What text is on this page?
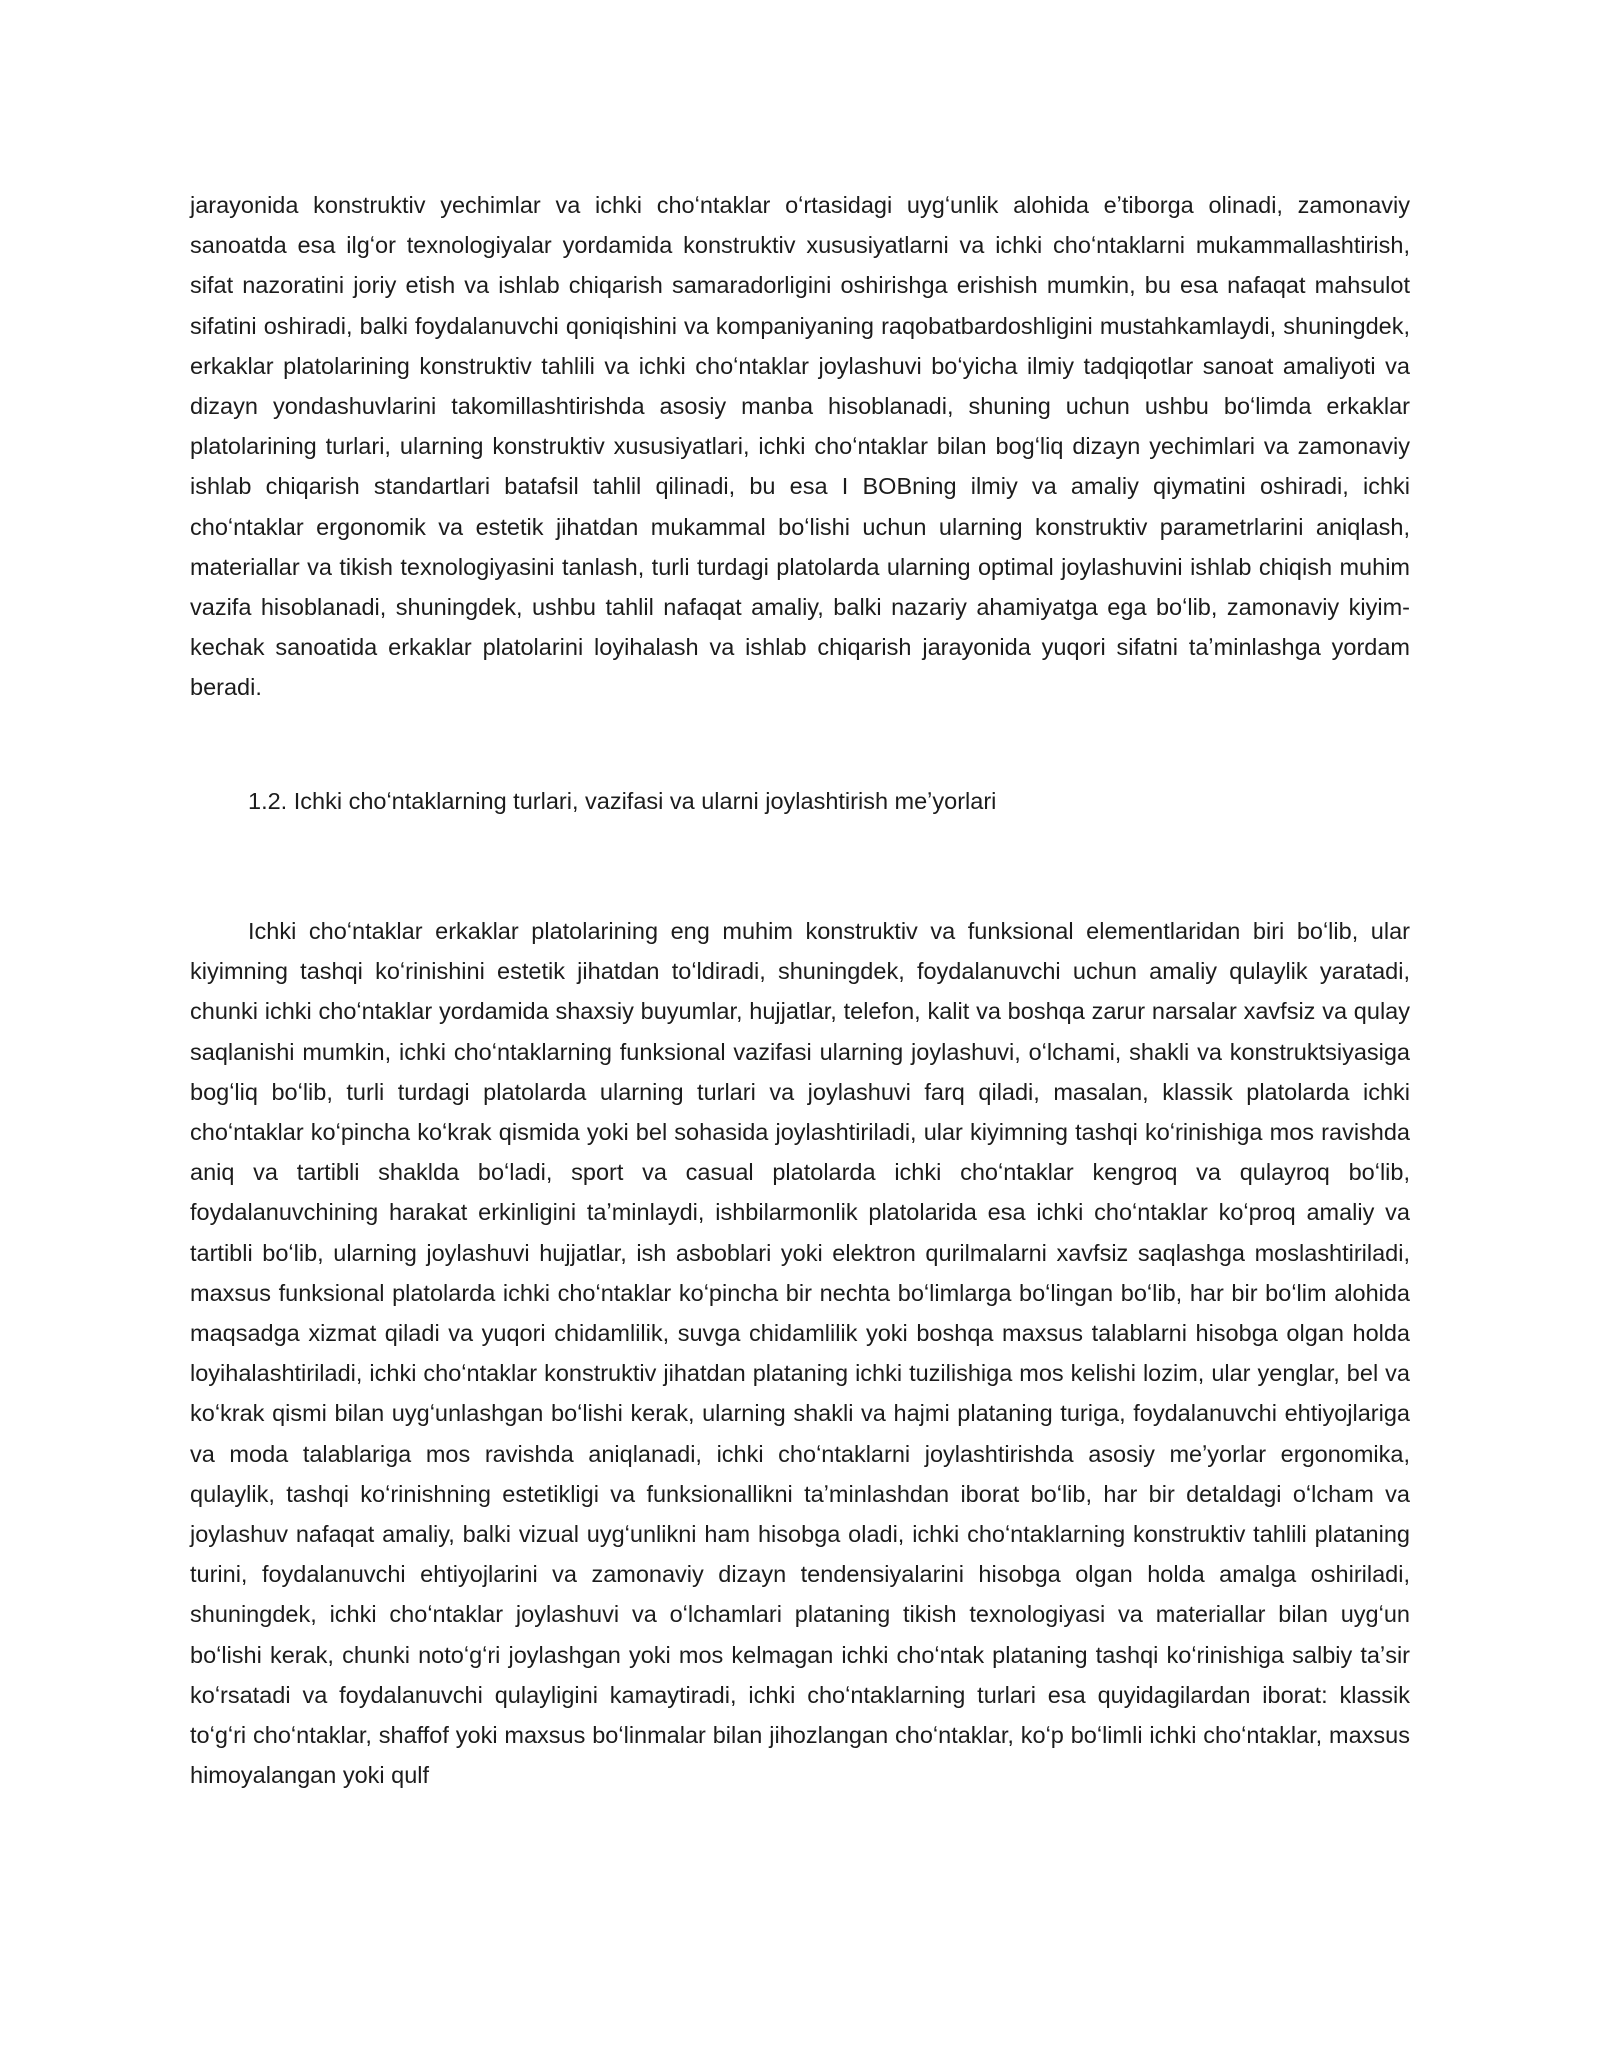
jarayonida konstruktiv yechimlar va ichki choʻntaklar oʻrtasidagi uygʻunlik alohida eʼtiborga olinadi, zamonaviy sanoatda esa ilgʻor texnologiyalar yordamida konstruktiv xususiyatlarni va ichki choʻntaklarni mukammallashtirish, sifat nazoratini joriy etish va ishlab chiqarish samaradorligini oshirishga erishish mumkin, bu esa nafaqat mahsulot sifatini oshiradi, balki foydalanuvchi qoniqishini va kompaniyaning raqobatbardoshligini mustahkamlaydi, shuningdek, erkaklar platolarining konstruktiv tahlili va ichki choʻntaklar joylashuvi boʻyicha ilmiy tadqiqotlar sanoat amaliyoti va dizayn yondashuvlarini takomillashtirishda asosiy manba hisoblanadi, shuning uchun ushbu boʻlimda erkaklar platolarining turlari, ularning konstruktiv xususiyatlari, ichki choʻntaklar bilan bogʻliq dizayn yechimlari va zamonaviy ishlab chiqarish standartlari batafsil tahlil qilinadi, bu esa I BOBning ilmiy va amaliy qiymatini oshiradi, ichki choʻntaklar ergonomik va estetik jihatdan mukammal boʻlishi uchun ularning konstruktiv parametrlarini aniqlash, materiallar va tikish texnologiyasini tanlash, turli turdagi platolarda ularning optimal joylashuvini ishlab chiqish muhim vazifa hisoblanadi, shuningdek, ushbu tahlil nafaqat amaliy, balki nazariy ahamiyatga ega boʻlib, zamonaviy kiyim-kechak sanoatida erkaklar platolarini loyihalash va ishlab chiqarish jarayonida yuqori sifatni taʼminlashga yordam beradi.

1.2. Ichki choʻntaklarning turlari, vazifasi va ularni joylashtirish meʼyorlari

Ichki choʻntaklar erkaklar platolarining eng muhim konstruktiv va funksional elementlaridan biri boʻlib, ular kiyimning tashqi koʻrinishini estetik jihatdan toʻldiradi, shuningdek, foydalanuvchi uchun amaliy qulaylik yaratadi, chunki ichki choʻntaklar yordamida shaxsiy buyumlar, hujjatlar, telefon, kalit va boshqa zarur narsalar xavfsiz va qulay saqlanishi mumkin, ichki choʻntaklarning funksional vazifasi ularning joylashuvi, oʻlchami, shakli va konstruktsiyasiga bogʻliq boʻlib, turli turdagi platolarda ularning turlari va joylashuvi farq qiladi, masalan, klassik platolarda ichki choʻntaklar koʻpincha koʻkrak qismida yoki bel sohasida joylashtiriladi, ular kiyimning tashqi koʻrinishiga mos ravishda aniq va tartibli shaklda boʻladi, sport va casual platolarda ichki choʻntaklar kengroq va qulayroq boʻlib, foydalanuvchining harakat erkinligini taʼminlaydi, ishbilarmonlik platolarida esa ichki choʻntaklar koʻproq amaliy va tartibli boʻlib, ularning joylashuvi hujjatlar, ish asboblari yoki elektron qurilmalarni xavfsiz saqlashga moslashtiriladi, maxsus funksional platolarda ichki choʻntaklar koʻpincha bir nechta boʻlimlarga boʻlingan boʻlib, har bir boʻlim alohida maqsadga xizmat qiladi va yuqori chidamlilik, suvga chidamlilik yoki boshqa maxsus talablarni hisobga olgan holda loyihalashtiriladi, ichki choʻntaklar konstruktiv jihatdan plataning ichki tuzilishiga mos kelishi lozim, ular yenglar, bel va koʻkrak qismi bilan uygʻunlashgan boʻlishi kerak, ularning shakli va hajmi plataning turiga, foydalanuvchi ehtiyojlariga va moda talablariga mos ravishda aniqlanadi, ichki choʻntaklarni joylashtirishda asosiy meʼyorlar ergonomika, qulaylik, tashqi koʻrinishning estetikligi va funksionallikni taʼminlashdan iborat boʻlib, har bir detaldagi oʻlcham va joylashuv nafaqat amaliy, balki vizual uygʻunlikni ham hisobga oladi, ichki choʻntaklarning konstruktiv tahlili plataning turini, foydalanuvchi ehtiyojlarini va zamonaviy dizayn tendensiyalarini hisobga olgan holda amalga oshiriladi, shuningdek, ichki choʻntaklar joylashuvi va oʻlchamlari plataning tikish texnologiyasi va materiallar bilan uygʻun boʻlishi kerak, chunki notoʻgʻri joylashgan yoki mos kelmagan ichki choʻntak plataning tashqi koʻrinishiga salbiy taʼsir koʻrsatadi va foydalanuvchi qulayligini kamaytiradi, ichki choʻntaklarning turlari esa quyidagilardan iborat: klassik toʻgʻri choʻntaklar, shaffof yoki maxsus boʻlinmalar bilan jihozlangan choʻntaklar, koʻp boʻlimli ichki choʻntaklar, maxsus himoyalangan yoki qulf
